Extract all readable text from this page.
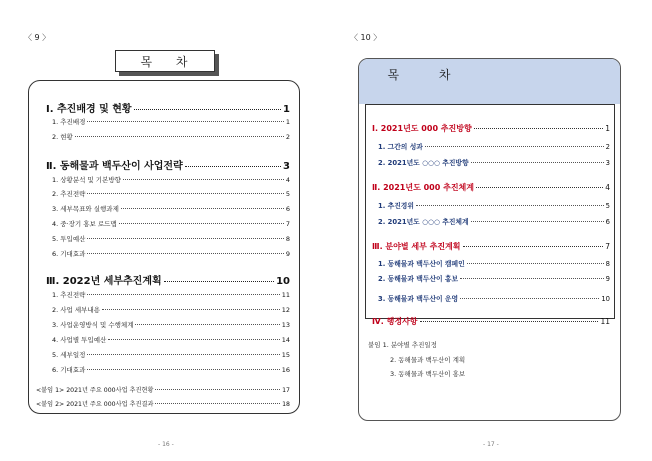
〈 9 〉
목 차
Ⅰ. 추진배경 및 현황	1
1. 추진배경	1
2. 현황	2
Ⅱ. 동해물과 백두산이 사업전략	3
1. 상황분석 및 기본방향	4
2. 추진전략	5
3. 세부목표와 실행과제	6
4. 중·장기 홍보 로드맵	7
5. 투입예산	8
6. 기대효과	9
Ⅲ. 2022년 세부추진계획	10
1. 추진전략	11
2. 사업 세부내용	12
3. 사업운영방식 및 수행체계	13
4. 사업별 투입예산	14
5. 세부일정	15
6. 기대효과	16
<붙임 1> 2021년 주요 000사업 추진현황	17
<붙임 2> 2021년 주요 000사업 추진결과	18
- 16 -
〈 10 〉
목 차
Ⅰ. 2021년도 000 추진방향	1
1. 그간의 성과	2
2. 2021년도 ○○○ 추진방향	3
Ⅱ. 2021년도 000 추진체계	4
1. 추진경위	5
2. 2021년도 ○○○ 추진체계	6
Ⅲ. 분야별 세부 추진계획	7
1. 동해물과 백두산이 캠페인	8
2. 동해물과 백두산이 홍보	9
3. 동해물과 백두산이 운영	10
Ⅳ. 행정사항	11
붙임 1. 분야별 추진일정
2. 동해물과 백두산이 계획
3. 동해물과 백두산이 홍보
- 17 -
